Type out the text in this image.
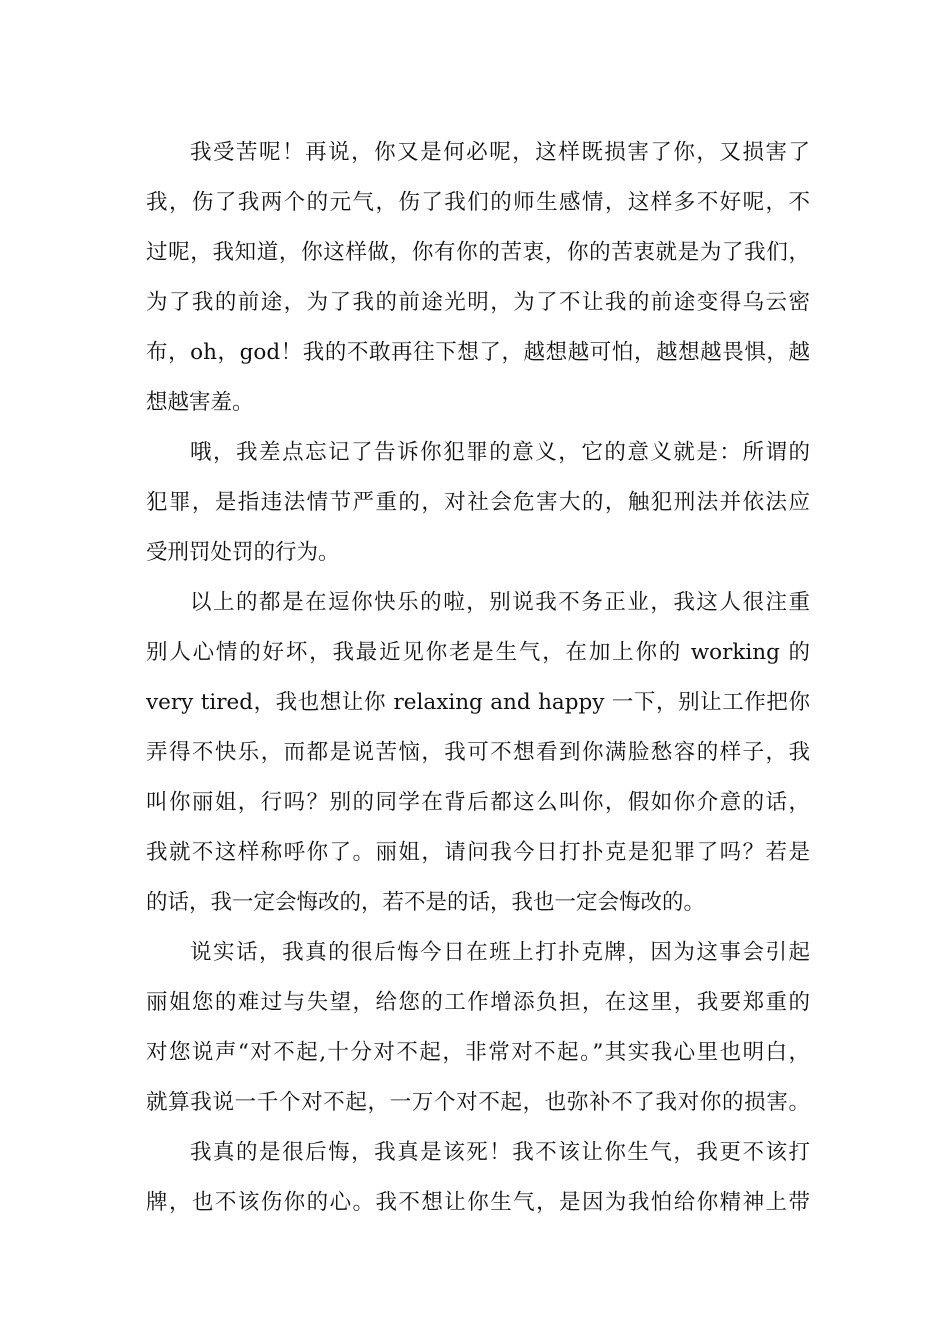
我受苦呢！再说，你又是何必呢，这样既损害了你，又损害了
我，伤了我两个的元气，伤了我们的师生感情，这样多不好呢，不
过呢，我知道，你这样做，你有你的苦衷，你的苦衷就是为了我们，
为了我的前途，为了我的前途光明，为了不让我的前途变得乌云密
布，oh，god！我的不敢再往下想了，越想越可怕，越想越畏惧，越
想越害羞。
哦，我差点忘记了告诉你犯罪的意义，它的意义就是：所谓的
犯罪，是指违法情节严重的，对社会危害大的，触犯刑法并依法应
受刑罚处罚的行为。
以上的都是在逗你快乐的啦，别说我不务正业，我这人很注重
别人心情的好坏，我最近见你老是生气，在加上你的 working 的
very tired，我也想让你 relaxing and happy 一下，别让工作把你
弄得不快乐，而都是说苦恼，我可不想看到你满脸愁容的样子，我
叫你丽姐，行吗？别的同学在背后都这么叫你，假如你介意的话，
我就不这样称呼你了。丽姐，请问我今日打扑克是犯罪了吗？若是
的话，我一定会悔改的，若不是的话，我也一定会悔改的。
说实话，我真的很后悔今日在班上打扑克牌，因为这事会引起
丽姐您的难过与失望，给您的工作增添负担，在这里，我要郑重的
对您说声“对不起,十分对不起，非常对不起。”其实我心里也明白，
就算我说一千个对不起，一万个对不起，也弥补不了我对你的损害。
我真的是很后悔，我真是该死！我不该让你生气，我更不该打
牌，也不该伤你的心。我不想让你生气，是因为我怕给你精神上带
